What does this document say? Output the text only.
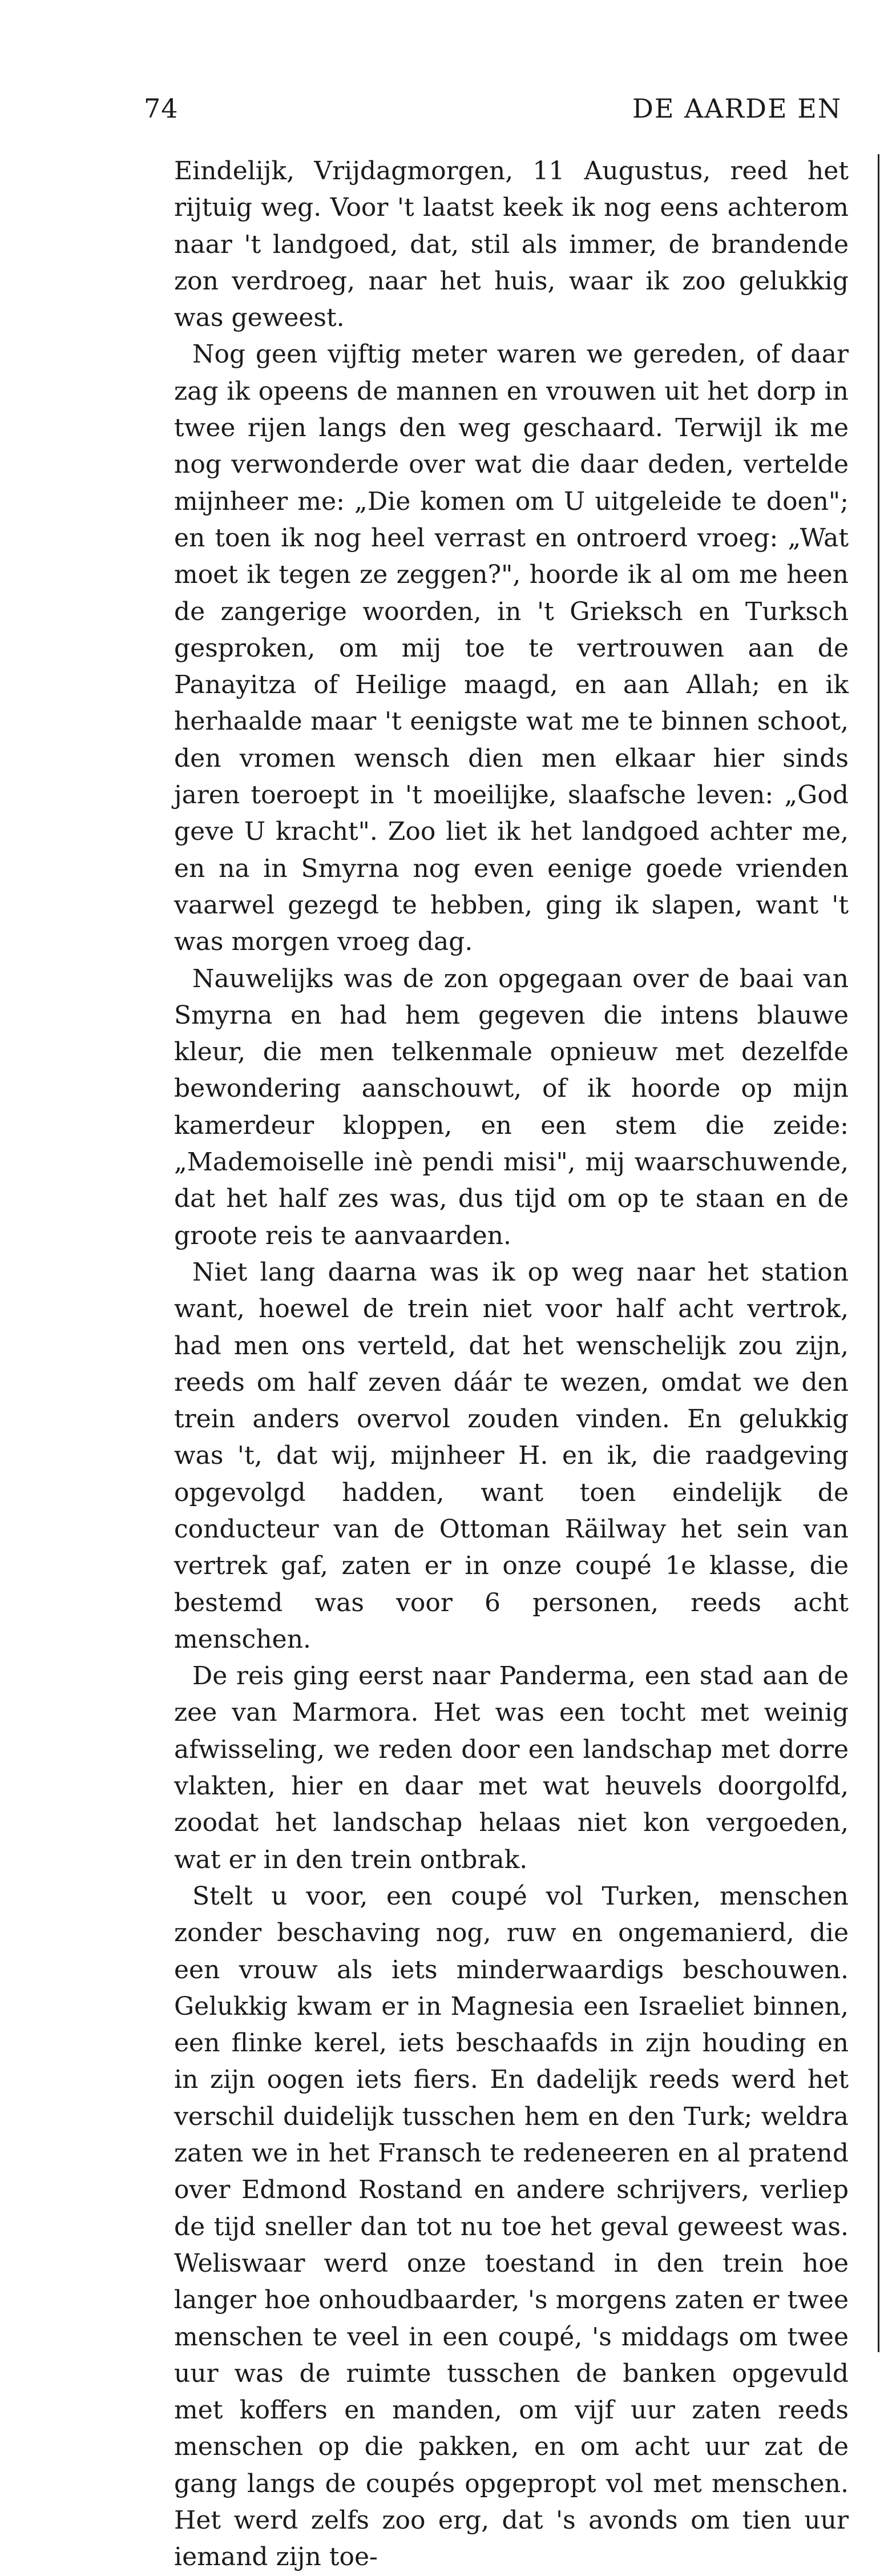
74	DE AARDE EN

Eindelijk, Vrijdagmorgen, 11 Augustus, reed het rijtuig weg. Voor 't laatst keek ik nog eens achterom naar 't landgoed, dat, stil als immer, de brandende zon verdroeg, naar het huis, waar ik zoo gelukkig was geweest.

Nog geen vijftig meter waren we gereden, of daar zag ik opeens de mannen en vrouwen uit het dorp in twee rijen langs den weg geschaard. Terwijl ik me nog verwonderde over wat die daar deden, vertelde mijnheer me: „Die komen om U uitgeleide te doen"; en toen ik nog heel verrast en ontroerd vroeg: „Wat moet ik tegen ze zeggen?", hoorde ik al om me heen de zangerige woorden, in 't Grieksch en Turksch gesproken, om mij toe te vertrouwen aan de Panayitza of Heilige maagd, en aan Allah; en ik herhaalde maar 't eenigste wat me te binnen schoot, den vromen wensch dien men elkaar hier sinds jaren toeroept in 't moeilijke, slaafsche leven: „God geve U kracht". Zoo liet ik het landgoed achter me, en na in Smyrna nog even eenige goede vrienden vaarwel gezegd te hebben, ging ik slapen, want 't was morgen vroeg dag.

Nauwelijks was de zon opgegaan over de baai van Smyrna en had hem gegeven die intens blauwe kleur, die men telkenmale opnieuw met dezelfde bewondering aanschouwt, of ik hoorde op mijn kamerdeur kloppen, en een stem die zeide: „Mademoiselle inè pendi misi", mij waarschuwende, dat het half zes was, dus tijd om op te staan en de groote reis te aanvaarden.

Niet lang daarna was ik op weg naar het station want, hoewel de trein niet voor half acht vertrok, had men ons verteld, dat het wenschelijk zou zijn, reeds om half zeven dáár te wezen, omdat we den trein anders overvol zouden vinden. En gelukkig was 't, dat wij, mijnheer H. en ik, die raadgeving opgevolgd hadden, want toen eindelijk de conducteur van de Ottoman Räilway het sein van vertrek gaf, zaten er in onze coupé 1e klasse, die bestemd was voor 6 personen, reeds acht menschen.

De reis ging eerst naar Panderma, een stad aan de zee van Marmora. Het was een tocht met weinig afwisseling, we reden door een landschap met dorre vlakten, hier en daar met wat heuvels doorgolfd, zoodat het landschap helaas niet kon vergoeden, wat er in den trein ontbrak.

Stelt u voor, een coupé vol Turken, menschen zonder beschaving nog, ruw en ongemanierd, die een vrouw als iets minderwaardigs beschouwen. Gelukkig kwam er in Magnesia een Israeliet binnen, een flinke kerel, iets beschaafds in zijn houding en in zijn oogen iets fiers. En dadelijk reeds werd het verschil duidelijk tusschen hem en den Turk; weldra zaten we in het Fransch te redeneeren en al pratend over Edmond Rostand en andere schrijvers, verliep de tijd sneller dan tot nu toe het geval geweest was. Weliswaar werd onze toestand in den trein hoe langer hoe onhoudbaarder, 's morgens zaten er twee menschen te veel in een coupé, 's middags om twee uur was de ruimte tusschen de banken opgevuld met koffers en manden, om vijf uur zaten reeds menschen op die pakken, en om acht uur zat de gang langs de coupés opgepropt vol met menschen. Het werd zelfs zoo erg, dat 's avonds om tien uur iemand zijn toe-
